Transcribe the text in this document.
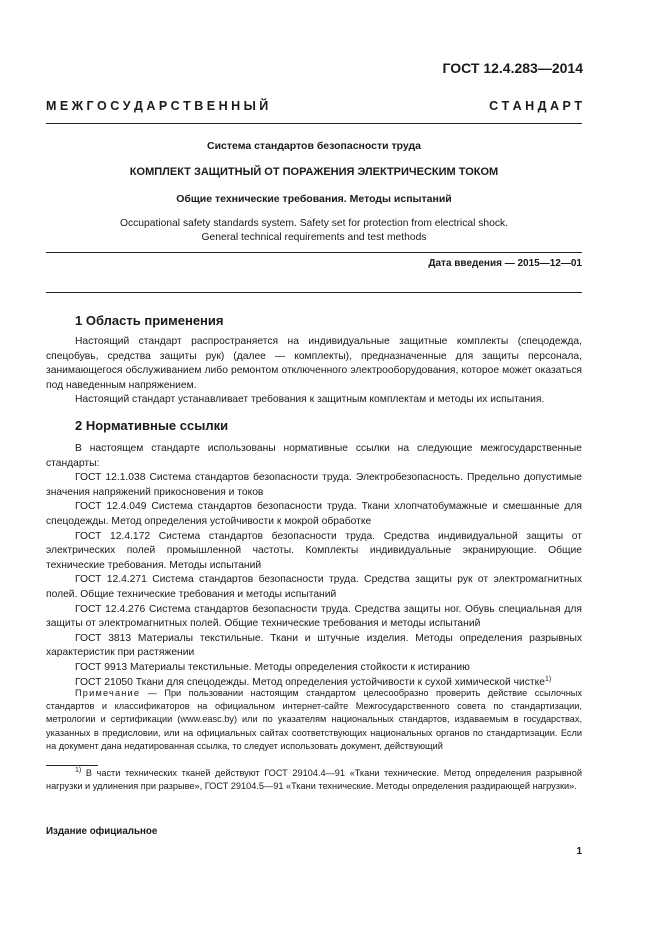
ГОСТ 12.4.283—2014
М Е Ж Г О С У Д А Р С Т В Е Н Н Ы Й	С Т А Н Д А Р Т
Система стандартов безопасности труда
КОМПЛЕКТ ЗАЩИТНЫЙ ОТ ПОРАЖЕНИЯ ЭЛЕКТРИЧЕСКИМ ТОКОМ
Общие технические требования. Методы испытаний
Occupational safety standards system. Safety set for protection from electrical shock.
General technical requirements and test methods
Дата введения — 2015—12—01
1 Область применения

Настоящий стандарт распространяется на индивидуальные защитные комплекты (спецодежда, спецобувь, средства защиты рук) (далее — комплекты), предназначенные для защиты персонала, занимающегося обслуживанием либо ремонтом отключенного электрооборудования, которое может оказаться под наведенным напряжением.

Настоящий стандарт устанавливает требования к защитным комплектам и методы их испытания.

2 Нормативные ссылки

В настоящем стандарте использованы нормативные ссылки на следующие межгосударственные стандарты:

ГОСТ 12.1.038 Система стандартов безопасности труда. Электробезопасность. Предельно допустимые значения напряжений прикосновения и токов

ГОСТ 12.4.049 Система стандартов безопасности труда. Ткани хлопчатобумажные и смешанные для спецодежды. Метод определения устойчивости к мокрой обработке

ГОСТ 12.4.172 Система стандартов безопасности труда. Средства индивидуальной защиты от электрических полей промышленной частоты. Комплекты индивидуальные экранирующие. Общие технические требования. Методы испытаний

ГОСТ 12.4.271 Система стандартов безопасности труда. Средства защиты рук от электромагнитных полей. Общие технические требования и методы испытаний

ГОСТ 12.4.276 Система стандартов безопасности труда. Средства защиты ног. Обувь специальная для защиты от электромагнитных полей. Общие технические требования и методы испытаний

ГОСТ 3813 Материалы текстильные. Ткани и штучные изделия. Методы определения разрывных характеристик при растяжении

ГОСТ 9913 Материалы текстильные. Методы определения стойкости к истиранию

ГОСТ 21050 Ткани для спецодежды. Метод определения устойчивости к сухой химической чистке$^{1)}$

Примечание — При пользовании настоящим стандартом целесообразно проверить действие ссылочных стандартов и классификаторов на официальном интернет-сайте Межгосударственного совета по стандартизации, метрологии и сертификации (www.easc.by) или по указателям национальных стандартов, издаваемым в государствах, указанных в предисловии, или на официальных сайтах соответствующих национальных органов по стандартизации. Если на документ дана недатированная ссылка, то следует использовать документ, действующий

$^{1)}$ В части технических тканей действуют ГОСТ 29104.4—91 «Ткани технические. Метод определения разрывной нагрузки и удлинения при разрыве», ГОСТ 29104.5—91 «Ткани технические. Методы определения раздирающей нагрузки».

Издание официальное
1
